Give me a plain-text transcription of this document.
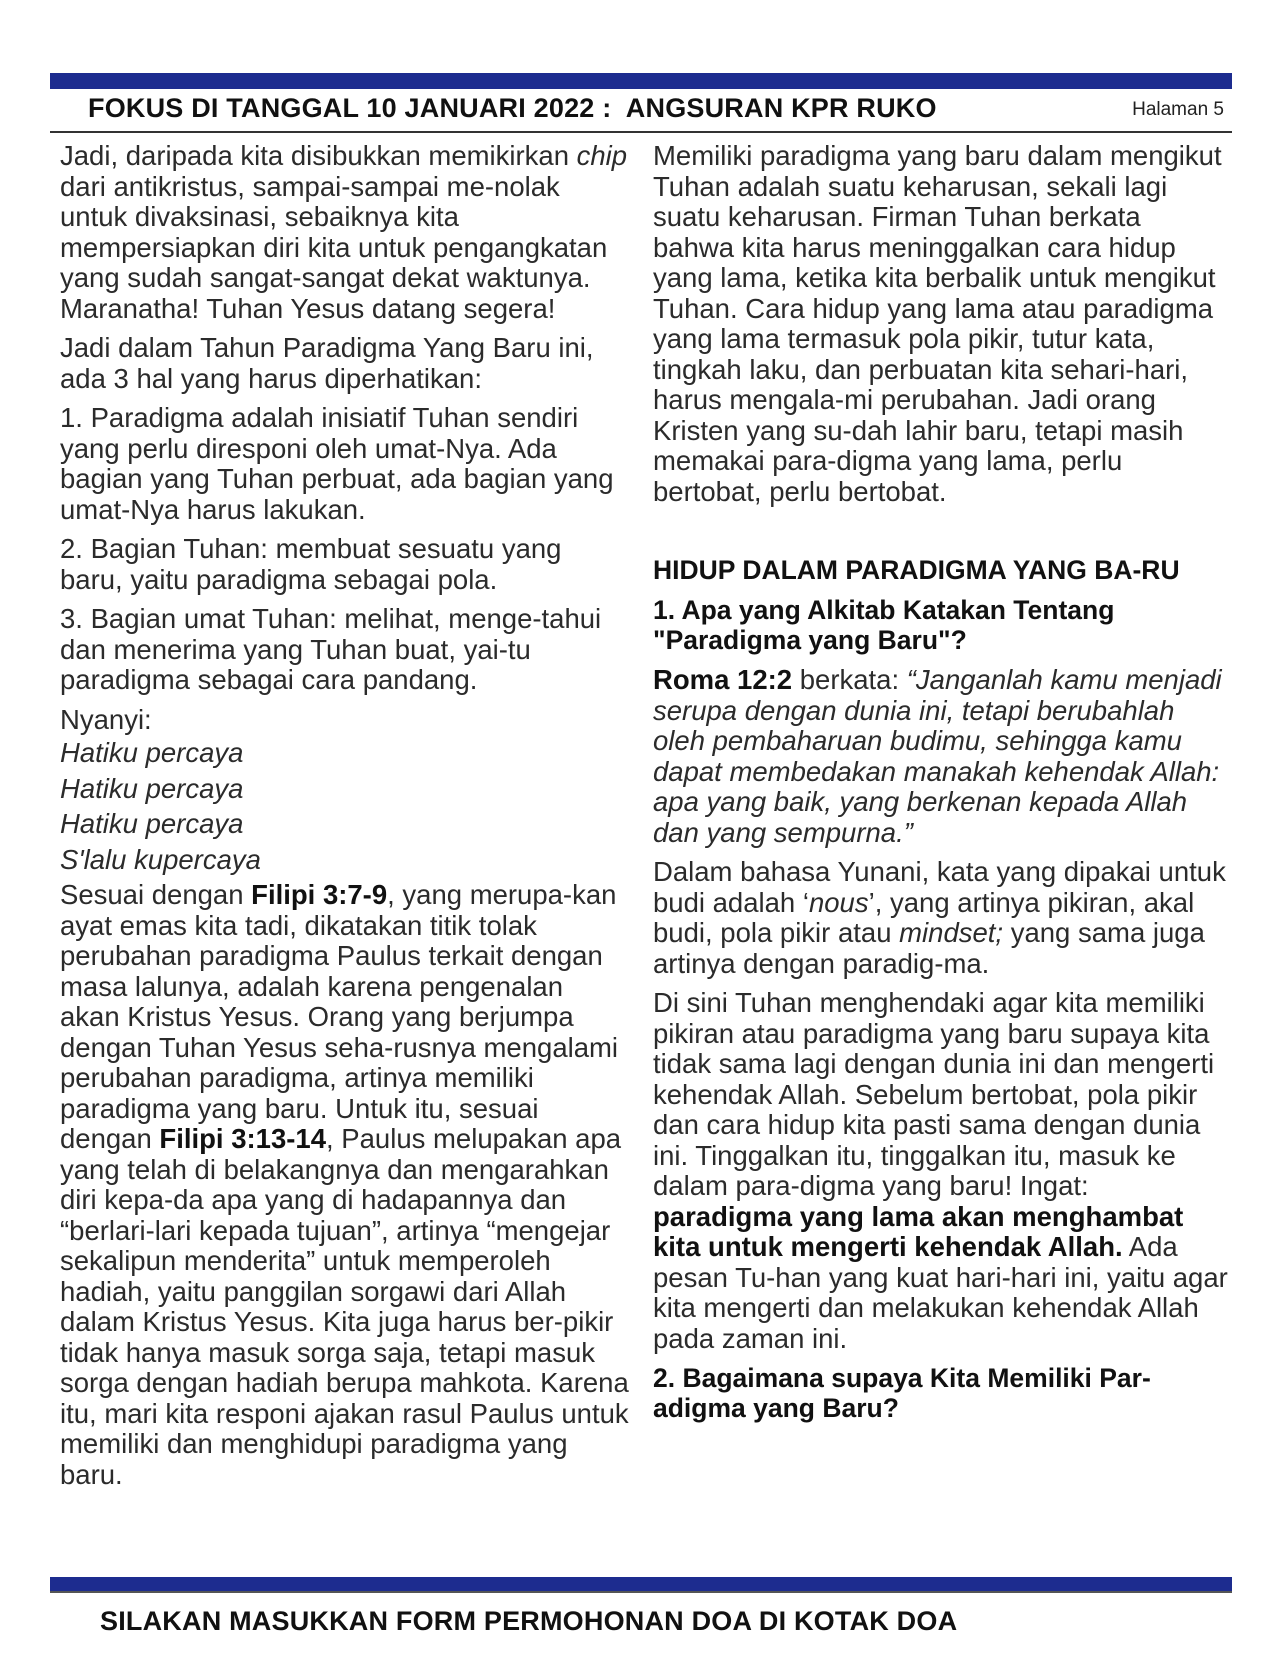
FOKUS DI TANGGAL 10 JANUARI 2022 :  ANGSURAN KPR RUKO	Halaman 5

Jadi, daripada kita disibukkan memikirkan chip dari antikristus, sampai-sampai me-nolak untuk divaksinasi, sebaiknya kita mempersiapkan diri kita untuk pengangkatan yang sudah sangat-sangat dekat waktunya. Maranatha! Tuhan Yesus datang segera!

Jadi dalam Tahun Paradigma Yang Baru ini, ada 3 hal yang harus diperhatikan:

1. Paradigma adalah inisiatif Tuhan sendiri yang perlu diresponi oleh umat-Nya. Ada bagian yang Tuhan perbuat, ada bagian yang umat-Nya harus lakukan.

2. Bagian Tuhan: membuat sesuatu yang baru, yaitu paradigma sebagai pola.

3. Bagian umat Tuhan: melihat, menge-tahui dan menerima yang Tuhan buat, yai-tu paradigma sebagai cara pandang.

Nyanyi:

Hatiku percaya

Hatiku percaya

Hatiku percaya

S'lalu kupercaya

Sesuai dengan Filipi 3:7-9, yang merupa-kan ayat emas kita tadi, dikatakan titik tolak perubahan paradigma Paulus terkait dengan masa lalunya, adalah karena pengenalan akan Kristus Yesus. Orang yang berjumpa dengan Tuhan Yesus seha-rusnya mengalami perubahan paradigma, artinya memiliki paradigma yang baru. Untuk itu, sesuai dengan Filipi 3:13-14, Paulus melupakan apa yang telah di belakangnya dan mengarahkan diri kepa-da apa yang di hadapannya dan “berlari-lari kepada tujuan”, artinya “mengejar sekalipun menderita” untuk memperoleh hadiah, yaitu panggilan sorgawi dari Allah dalam Kristus Yesus. Kita juga harus ber-pikir tidak hanya masuk sorga saja, tetapi masuk sorga dengan hadiah berupa mahkota. Karena itu, mari kita responi ajakan rasul Paulus untuk memiliki dan menghidupi paradigma yang baru.

Memiliki paradigma yang baru dalam mengikut Tuhan adalah suatu keharusan, sekali lagi suatu keharusan. Firman Tuhan berkata bahwa kita harus meninggalkan cara hidup yang lama, ketika kita berbalik untuk mengikut Tuhan. Cara hidup yang lama atau paradigma yang lama termasuk pola pikir, tutur kata, tingkah laku, dan perbuatan kita sehari-hari, harus mengala-mi perubahan. Jadi orang Kristen yang su-dah lahir baru, tetapi masih memakai para-digma yang lama, perlu bertobat, perlu bertobat.

HIDUP DALAM PARADIGMA YANG BA-RU
1. Apa yang Alkitab Katakan Tentang "Paradigma yang Baru"?

Roma 12:2 berkata: “Janganlah kamu menjadi serupa dengan dunia ini, tetapi berubahlah oleh pembaharuan budimu, sehingga kamu dapat membedakan manakah kehendak Allah: apa yang baik, yang berkenan kepada Allah dan yang sempurna.”

Dalam bahasa Yunani, kata yang dipakai untuk budi adalah ‘nous’, yang artinya pikiran, akal budi, pola pikir atau mindset; yang sama juga artinya dengan paradig-ma.

Di sini Tuhan menghendaki agar kita memiliki pikiran atau paradigma yang baru supaya kita tidak sama lagi dengan dunia ini dan mengerti kehendak Allah. Sebelum bertobat, pola pikir dan cara hidup kita pasti sama dengan dunia ini. Tinggalkan itu, tinggalkan itu, masuk ke dalam para-digma yang baru! Ingat: paradigma yang lama akan menghambat kita untuk mengerti kehendak Allah. Ada pesan Tu-han yang kuat hari-hari ini, yaitu agar kita mengerti dan melakukan kehendak Allah pada zaman ini.

2. Bagaimana supaya Kita Memiliki Par-adigma yang Baru?
SILAKAN MASUKKAN FORM PERMOHONAN DOA DI KOTAK DOA
